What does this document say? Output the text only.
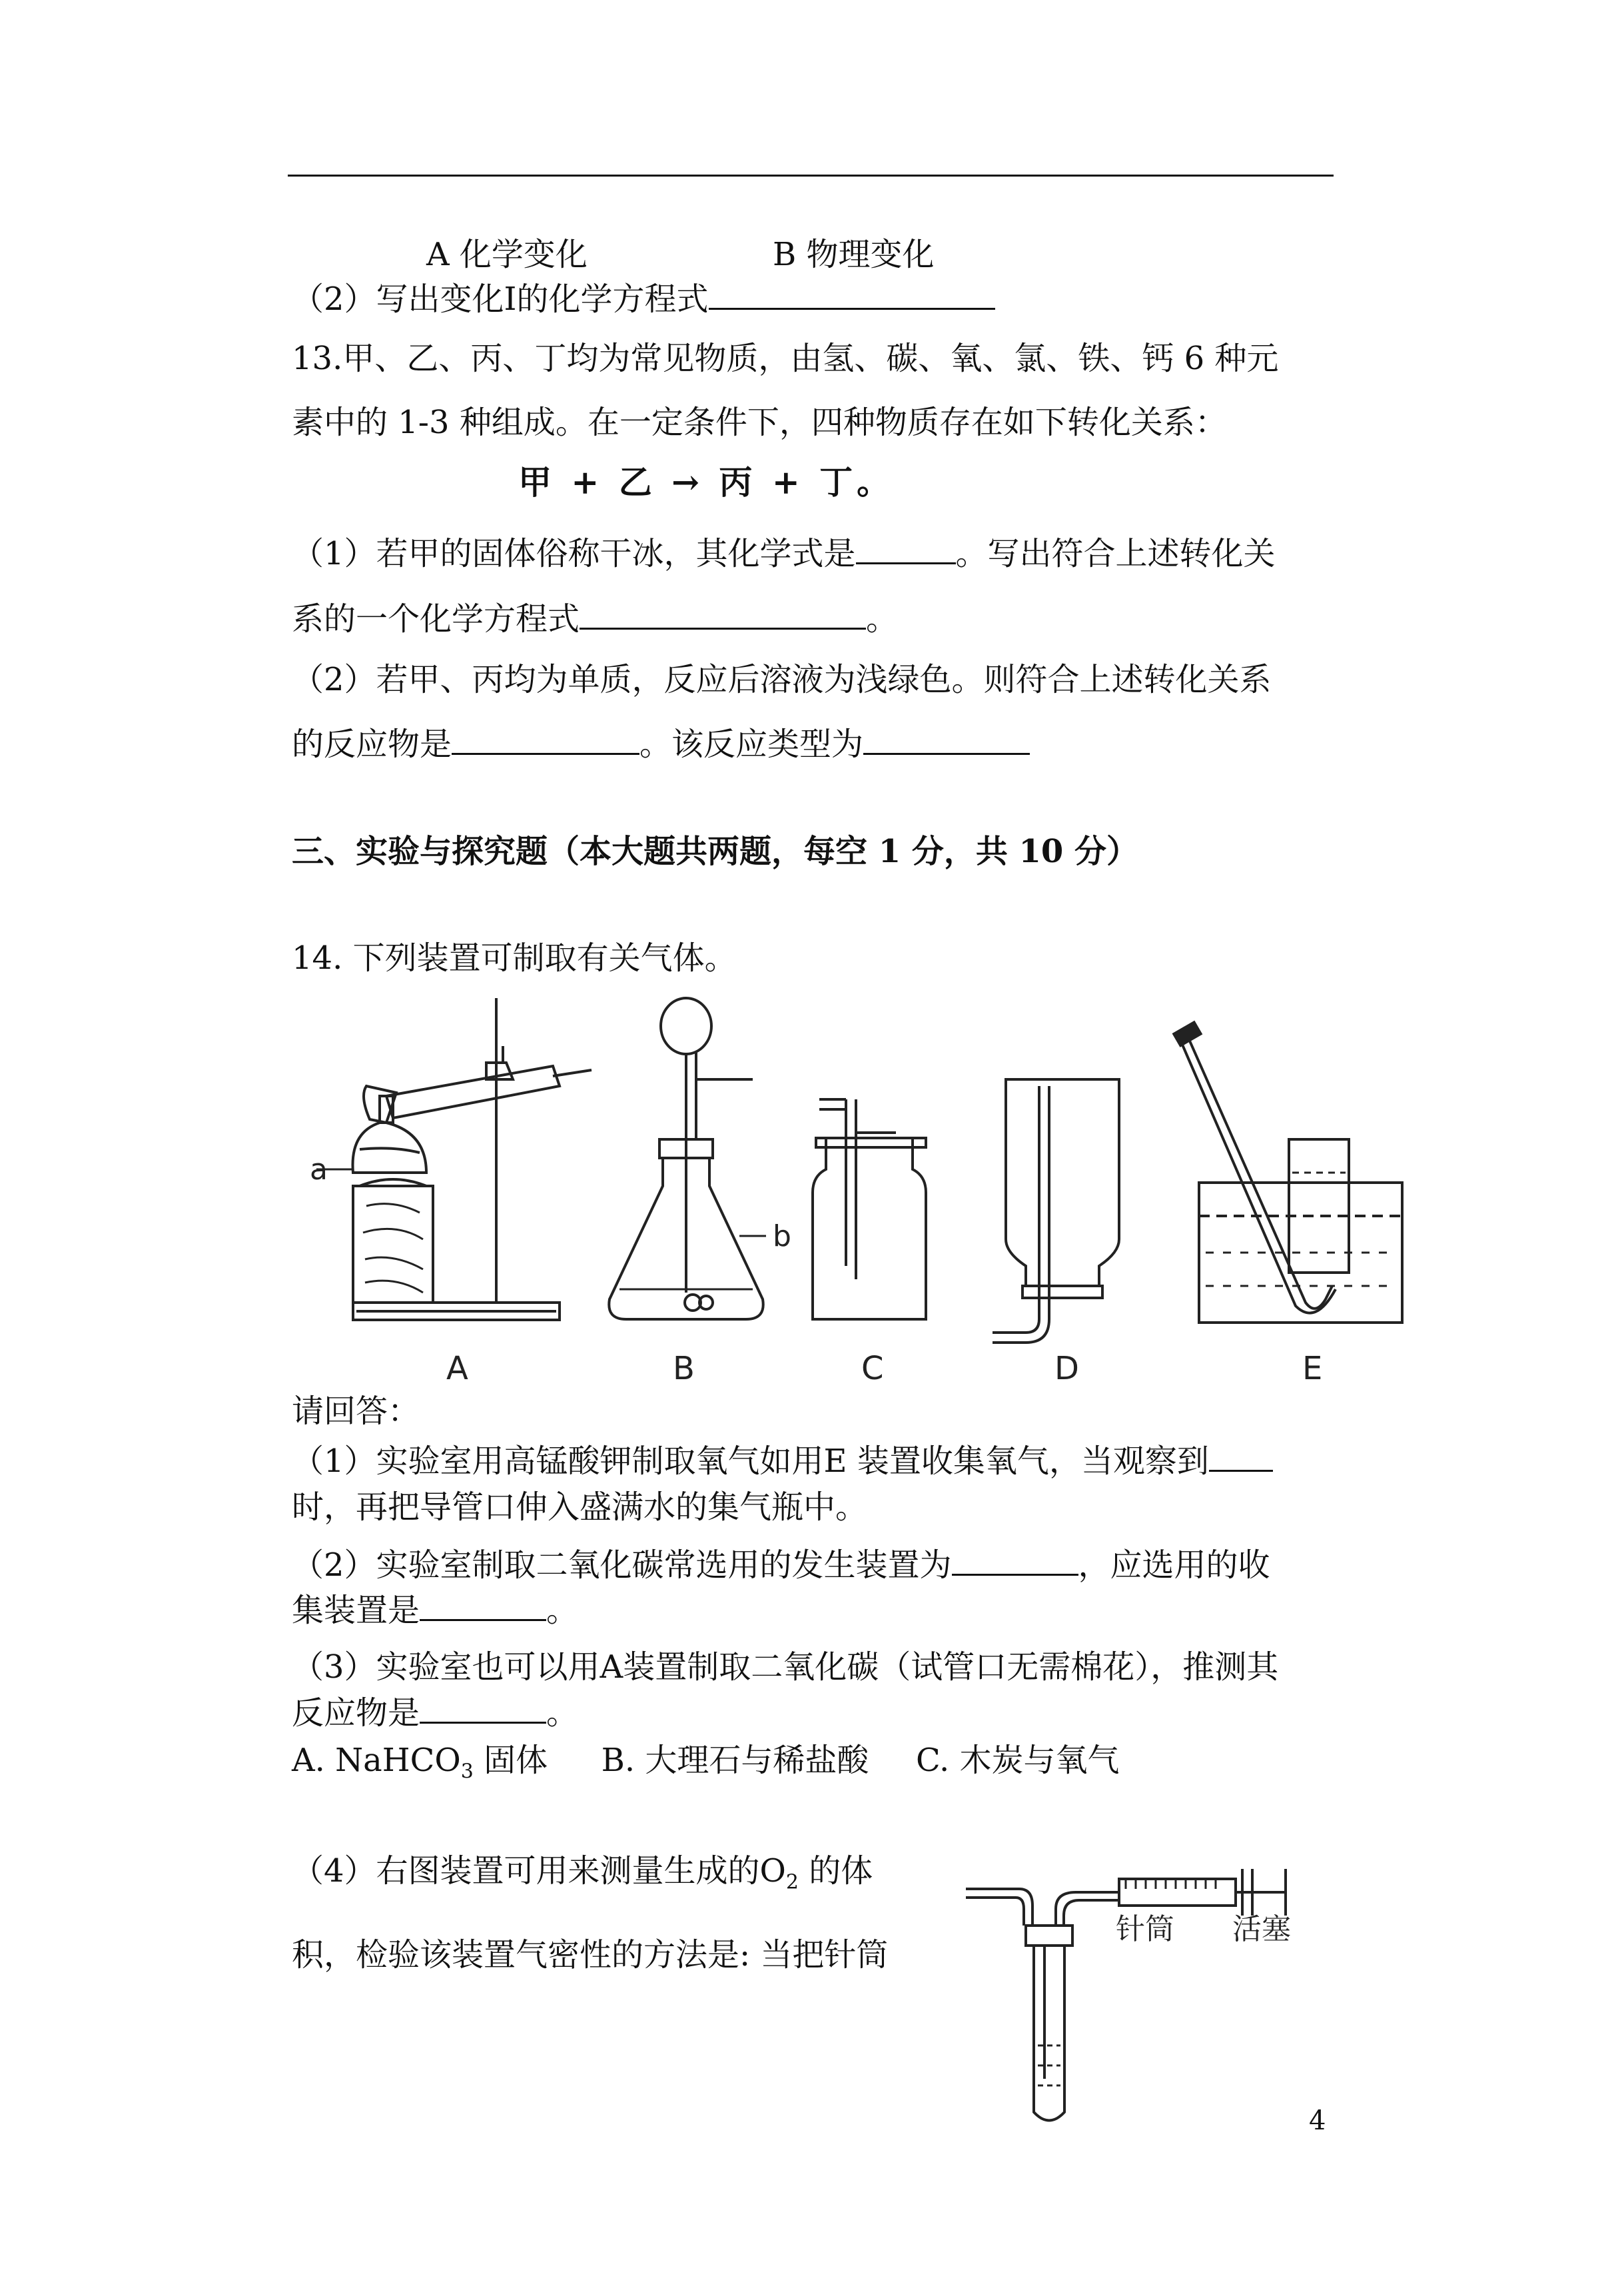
A 化学变化	B 物理变化
（2）写出变化Ⅰ的化学方程式
13.甲、乙、丙、丁均为常见物质，由氢、碳、氧、氯、铁、钙 6 种元
素中的 1-3 种组成。在一定条件下，四种物质存在如下转化关系：
甲 + 乙 → 丙 + 丁。
（1）若甲的固体俗称干冰，其化学式是	。写出符合上述转化关
系的一个化学方程式	。
（2）若甲、丙均为单质，反应后溶液为浅绿色。则符合上述转化关系
的反应物是	。该反应类型为
三、实验与探究题（本大题共两题，每空 1 分，共 10 分）
14. 下列装置可制取有关气体。
a
b
A	B	C	D	E
请回答：
（1）实验室用高锰酸钾制取氧气如用E 装置收集氧气，当观察到
时，再把导管口伸入盛满水的集气瓶中。
（2）实验室制取二氧化碳常选用的发生装置为	，应选用的收
集装置是	。
（3）实验室也可以用A装置制取二氧化碳（试管口无需棉花），推测其
反应物是	。
A. NaHCO$_3$ 固体 B. 大理石与稀盐酸 C. 木炭与氧气
（4）右图装置可用来测量生成的$O_2$ 的体
积，检验该装置气密性的方法是: 当把针筒
针筒 活塞
4
